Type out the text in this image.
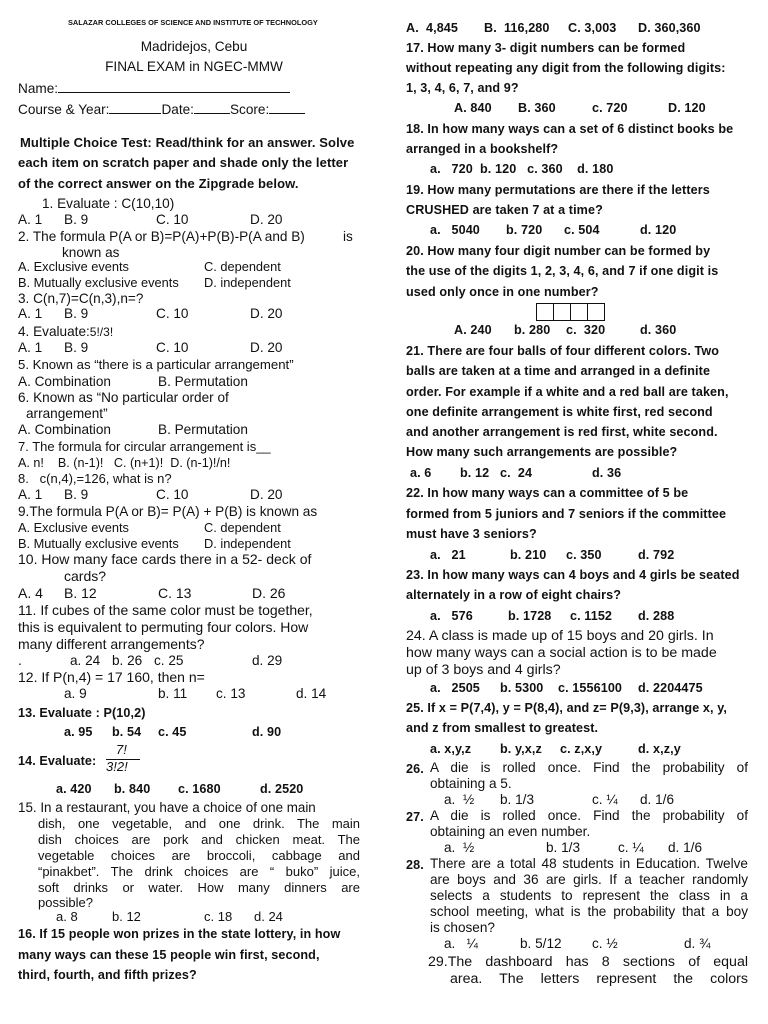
SALAZAR COLLEGES OF SCIENCE AND INSTITUTE OF TECHNOLOGY
Madridejos, Cebu
FINAL EXAM in NGEC-MMW
Name:
Course & Year:	Date:	Score:
Multiple Choice Test: Read/think for an answer. Solve
each item on scratch paper and shade only the letter
of the correct answer on the Zipgrade below.
1. Evaluate : C(10,10)
A. 1 B. 9	C. 10	D. 20
2. The formula P(A or B)=P(A)+P(B)-P(A and B)	is
known as
A. Exclusive events	C. dependent
B. Mutually exclusive events D. independent
3. C(n,7)=C(n,3),n=?
A. 1 B. 9	C. 10	D. 20
4. Evaluate:5!/3!
A. 1 B. 9	C. 10	D. 20
5. Known as “there is a particular arrangement”
A. Combination	B. Permutation
6. Known as “No particular order of
arrangement”
A. Combination	B. Permutation
7. The formula for circular arrangement is__
A. n!    B. (n-1)!   C. (n+1)!  D. (n-1)!/n!
8.   c(n,4),=126, what is n?
A. 1 B. 9	C. 10	D. 20
9.The formula P(A or B)= P(A) + P(B) is known as
A. Exclusive events	C. dependent
B. Mutually exclusive events D. independent
10. How many face cards there in a 52- deck of
cards?
A. 4 B. 12	C. 13	D. 26
11. If cubes of the same color must be together,
this is equivalent to permuting four colors. How
many different arrangements?
.	a. 24 b. 26 c. 25	d. 29
12. If P(n,4) = 17 160, then n=
a. 9	b. 11 c. 13	d. 14
13. Evaluate : P(10,2)
a. 95 b. 54 c. 45	d. 90
14. Evaluate:
7!
3!2!
a. 420 b. 840 c. 1680	d. 2520
15. In a restaurant, you have a choice of one main
dish, one vegetable, and one drink. The main
dish choices are pork and chicken meat. The
vegetable choices are broccoli, cabbage and
“pinakbet”. The drink choices are “ buko” juice,
soft drinks or water. How many dinners are
possible?
a. 8	b. 12	c. 18 d. 24
16. If 15 people won prizes in the state lottery, in how
many ways can these 15 people win first, second,
third, fourth, and fifth prizes?
A.  4,845 B.  116,280 C. 3,003 D. 360,360
17. How many 3- digit numbers can be formed
without repeating any digit from the following digits:
1, 3, 4, 6, 7, and 9?
A. 840 B. 360	c. 720	D. 120
18. In how many ways can a set of 6 distinct books be
arranged in a bookshelf?
a.   720  b. 120   c. 360    d. 180
19. How many permutations are there if the letters
CRUSHED are taken 7 at a time?
a.   5040 b. 720 c. 504	d. 120
20. How many four digit number can be formed by
the use of the digits 1, 2, 3, 4, 6, and 7 if one digit is
used only once in one number?
A. 240 b. 280 c.  320	d. 360
21. There are four balls of four different colors. Two
balls are taken at a time and arranged in a definite
order. For example if a white and a red ball are taken,
one definite arrangement is white first, red second
and another arrangement is red first, white second.
How many such arrangements are possible?
a. 6 b. 12 c.  24	d. 36
22. In how many ways can a committee of 5 be
formed from 5 juniors and 7 seniors if the committee
must have 3 seniors?
a.   21	b. 210 c. 350	d. 792
23. In how many ways can 4 boys and 4 girls be seated
alternately in a row of eight chairs?
a.   576	b. 1728 c. 1152 d. 288
24. A class is made up of 15 boys and 20 girls. In
how many ways can a social action is to be made
up of 3 boys and 4 girls?
a.   2505 b. 5300 c. 1556100 d. 2204475
25. If x = P(7,4), y = P(8,4), and z= P(9,3), arrange x, y,
and z from smallest to greatest.
a. x,y,z b. y,x,z c. z,x,y	d. x,z,y
26. A die is rolled once. Find the probability of
obtaining a 5.
a.  ½ b. 1/3	c. ¼ d. 1/6
27. A die is rolled once. Find the probability of
obtaining an even number.
a.  ½	b. 1/3	c. ¼ d. 1/6
28. There are a total 48 students in Education. Twelve
are boys and 36 are girls. If a teacher randomly
selects a students to represent the class in a
school meeting, what is the probability that a boy
is chosen?
a.   ¼	b. 5/12 c. ½	d. ¾
29.The dashboard has 8 sections of equal
area. The letters represent the colors
